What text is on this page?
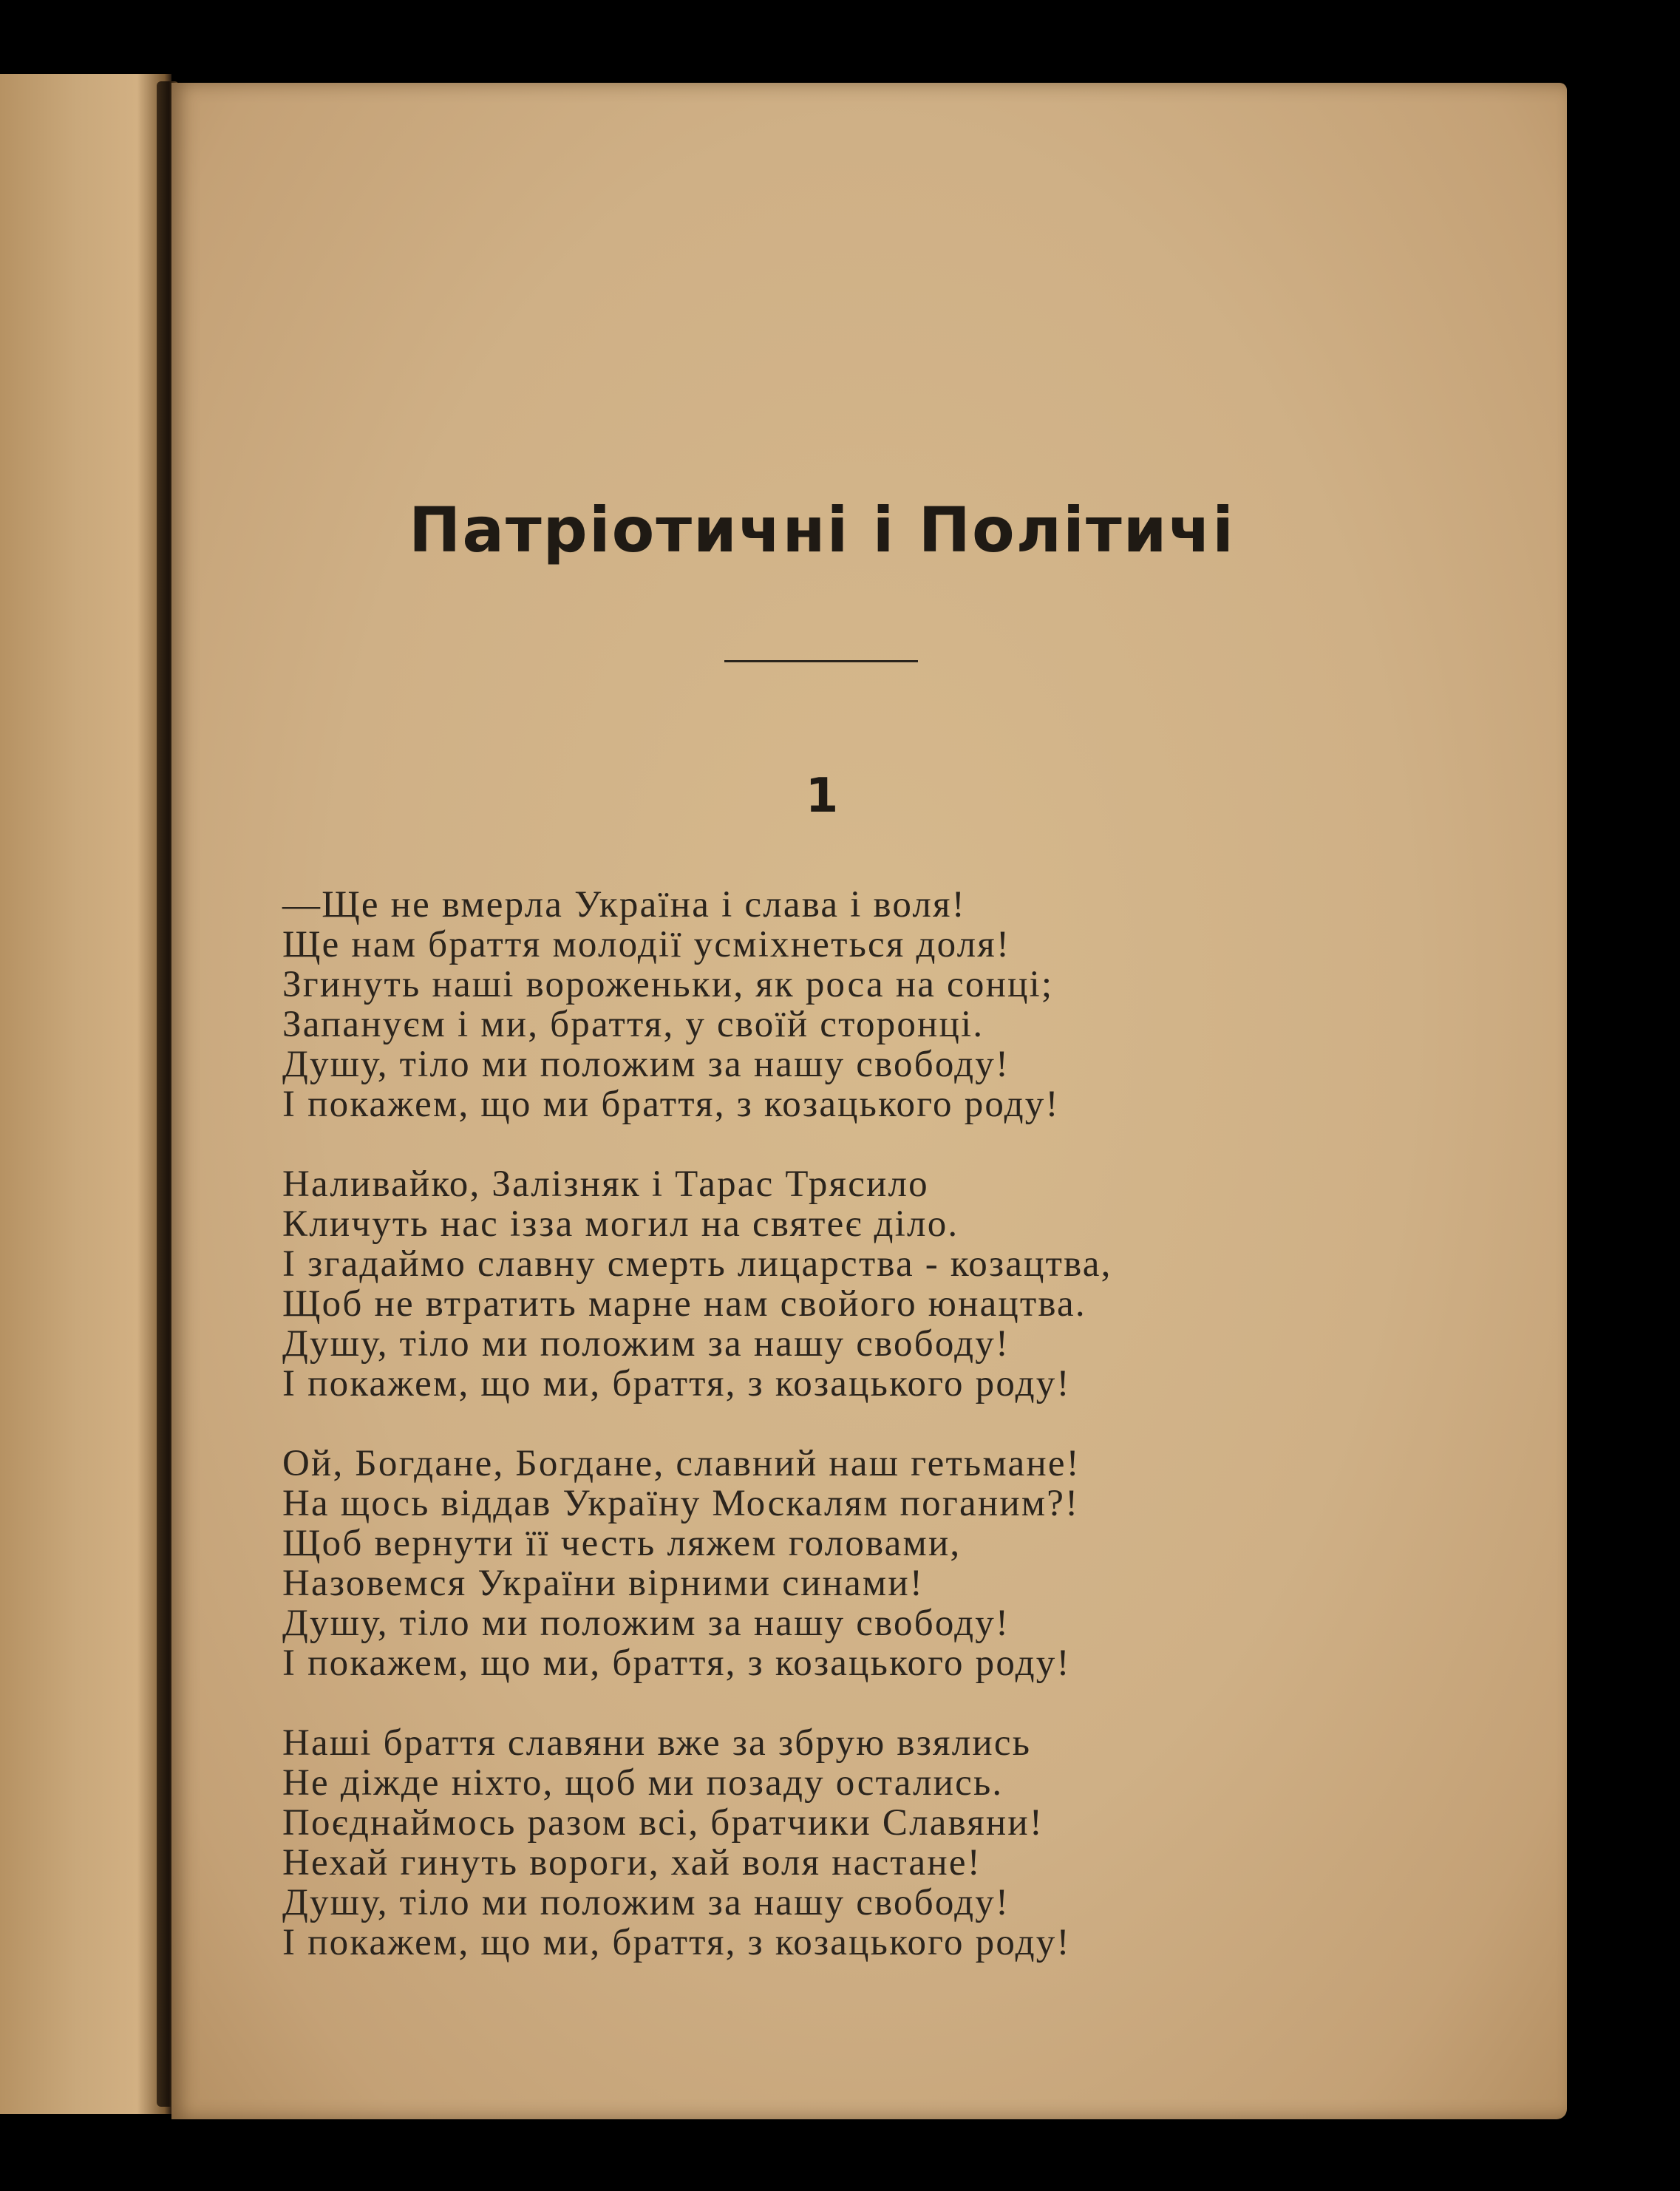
Патріотичні і Політичі
1
—Ще не вмерла Україна і слава і воля!
Ще нам браття молодії усміхнеться доля!
Згинуть наші вороженьки, як роса на сонці;
Запануєм і ми, браття, у своїй сторонці.
Душу, тіло ми положим за нашу свободу!
І покажем, що ми браття, з козацького роду!
Наливайко, Залізняк і Тарас Трясило
Кличуть нас ізза могил на святеє діло.
І згадаймо славну смерть лицарства - козацтва,
Щоб не втратить марне нам свойого юнацтва.
Душу, тіло ми положим за нашу свободу!
І покажем, що ми, браття, з козацького роду!
Ой, Богдане, Богдане, славний наш гетьмане!
На щось віддав Україну Москалям поганим?!
Щоб вернути її честь ляжем головами,
Назовемся України вірними синами!
Душу, тіло ми положим за нашу свободу!
І покажем, що ми, браття, з козацького роду!
Наші браття славяни вже за збрую взялись
Не діжде ніхто, щоб ми позаду остались.
Поєднаймось разом всі, братчики Славяни!
Нехай гинуть вороги, хай воля настане!
Душу, тіло ми положим за нашу свободу!
І покажем, що ми, браття, з козацького роду!
